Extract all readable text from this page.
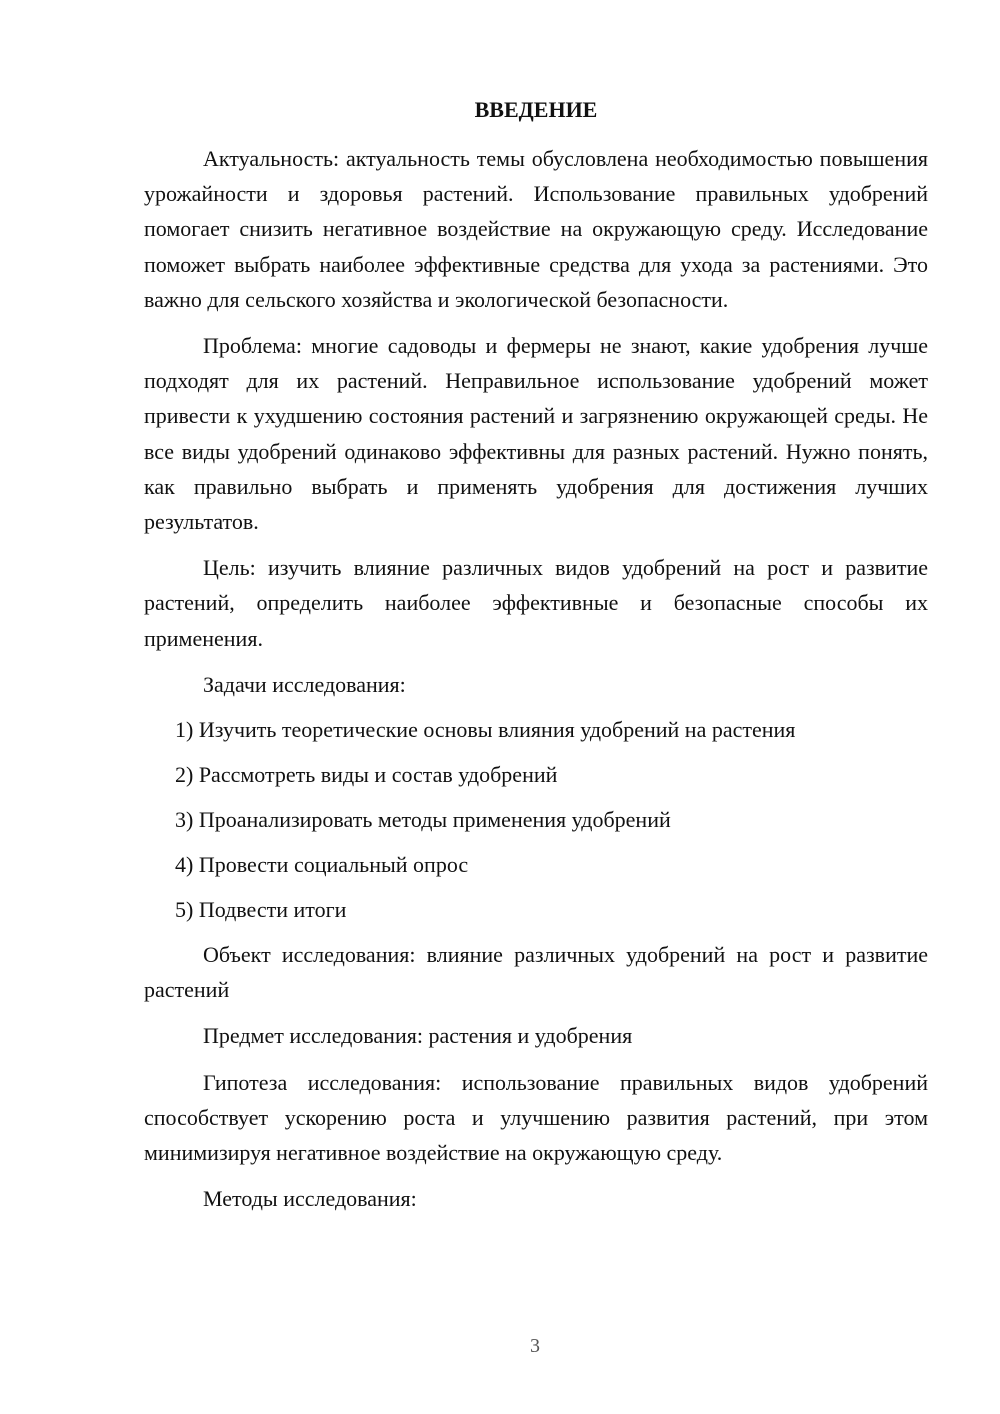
ВВЕДЕНИЕ

Актуальность: актуальность темы обусловлена необходимостью повышения урожайности и здоровья растений. Использование правильных удобрений помогает снизить негативное воздействие на окружающую среду. Исследование поможет выбрать наиболее эффективные средства для ухода за растениями. Это важно для сельского хозяйства и экологической безопасности.

Проблема: многие садоводы и фермеры не знают, какие удобрения лучше подходят для их растений. Неправильное использование удобрений может привести к ухудшению состояния растений и загрязнению окружающей среды. Не все виды удобрений одинаково эффективны для разных растений. Нужно понять, как правильно выбрать и применять удобрения для достижения лучших результатов.

Цель: изучить влияние различных видов удобрений на рост и развитие растений, определить наиболее эффективные и безопасные способы их применения.

Задачи исследования:

1) Изучить теоретические основы влияния удобрений на растения
2) Рассмотреть виды и состав удобрений
3) Проанализировать методы применения удобрений
4) Провести социальный опрос
5) Подвести итоги

Объект исследования: влияние различных удобрений на рост и развитие растений

Предмет исследования: растения и удобрения

Гипотеза исследования: использование правильных видов удобрений способствует ускорению роста и улучшению развития растений, при этом минимизируя негативное воздействие на окружающую среду.

Методы исследования:

3
